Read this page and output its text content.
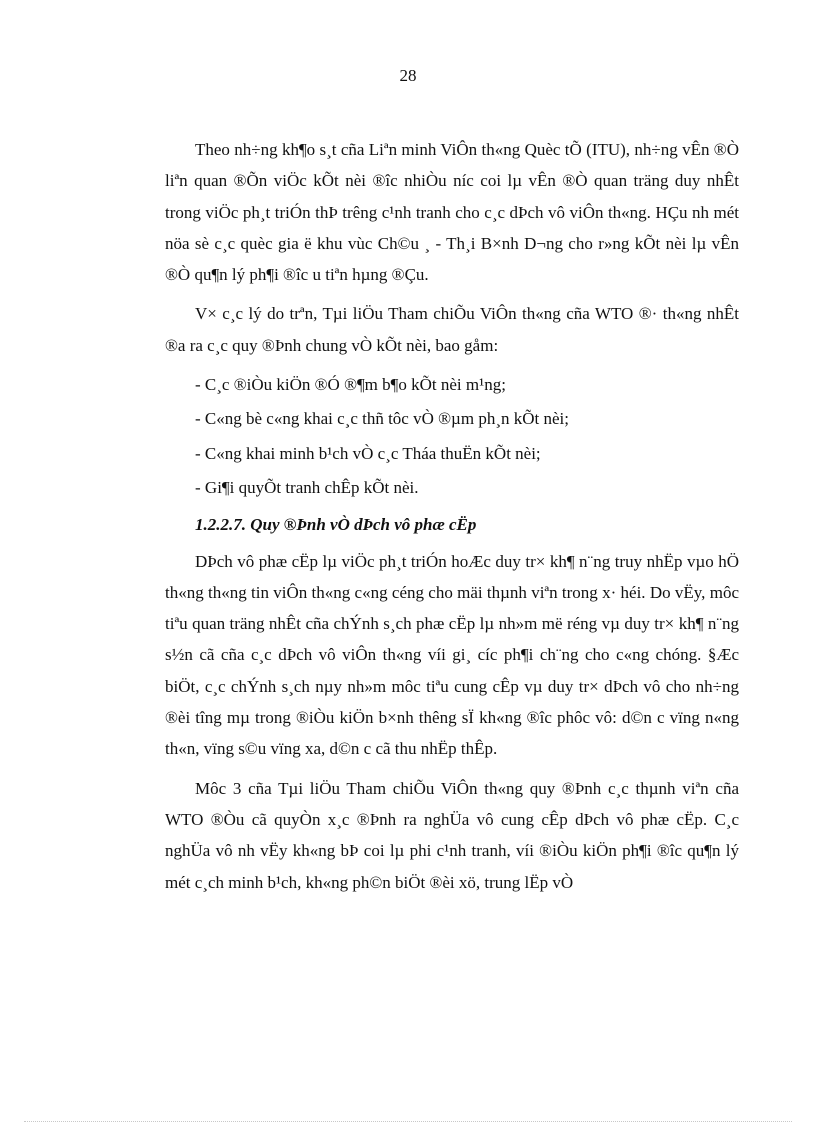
28

Theo nh÷ng kh¶o s¸t cña Liªn minh ViÔn th«ng Quèc tÕ (ITU), nh÷ng vÊn ®Ò liªn quan ®Õn viÖc kÕt nèi ®îc nhiÒu níc coi lµ vÊn ®Ò quan träng duy nhÊt trong viÖc ph¸t triÓn thÞ trêng c¹nh tranh cho c¸c dÞch vô viÔn th«ng. HÇu nh mét nöa sè c¸c quèc gia ë khu vùc Ch©u ¸ - Th¸i B×nh D¬ng cho r»ng kÕt nèi lµ vÊn ®Ò qu¶n lý ph¶i ®îc u tiªn hµng ®Çu.

V× c¸c lý do trªn, Tµi liÖu Tham chiÕu ViÔn th«ng cña WTO ®· th«ng nhÊt ®a ra c¸c quy ®Þnh chung vÒ kÕt nèi, bao gåm:

- C¸c ®iÒu kiÖn ®Ó ®¶m b¶o kÕt nèi m¹ng;
- C«ng bè c«ng khai c¸c thñ tôc vÒ ®µm ph¸n kÕt nèi;
- C«ng khai minh b¹ch vÒ c¸c Tháa thuËn kÕt nèi;
- Gi¶i quyÕt tranh chÊp kÕt nèi.
1.2.2.7. Quy ®Þnh vÒ dÞch vô phæ cËp

DÞch vô phæ cËp lµ viÖc ph¸t triÓn hoÆc duy tr× kh¶ n¨ng truy nhËp vµo hÖ th«ng th«ng tin viÔn th«ng c«ng céng cho mäi thµnh viªn trong x· héi. Do vËy, môc tiªu quan träng nhÊt cña chÝnh s¸ch phæ cËp lµ nh»m më réng vµ duy tr× kh¶ n¨ng s½n cã cña c¸c dÞch vô viÔn th«ng víi gi¸ cíc ph¶i ch¨ng cho c«ng chóng. §Æc biÖt, c¸c chÝnh s¸ch nµy nh»m môc tiªu cung cÊp vµ duy tr× dÞch vô cho nh÷ng ®èi tîng mµ trong ®iÒu kiÖn b×nh thêng sÏ kh«ng ®îc phôc vô: d©n c vïng n«ng th«n, vïng s©u vïng xa, d©n c cã thu nhËp thÊp.

Môc 3 cña Tµi liÖu Tham chiÕu ViÔn th«ng quy ®Þnh c¸c thµnh viªn cña WTO ®Òu cã quyÒn x¸c ®Þnh ra nghÜa vô cung cÊp dÞch vô phæ cËp. C¸c nghÜa vô nh vËy kh«ng bÞ coi lµ phi c¹nh tranh, víi ®iÒu kiÖn ph¶i ®îc qu¶n lý mét c¸ch minh b¹ch, kh«ng ph©n biÖt ®èi xö, trung lËp vÒ
